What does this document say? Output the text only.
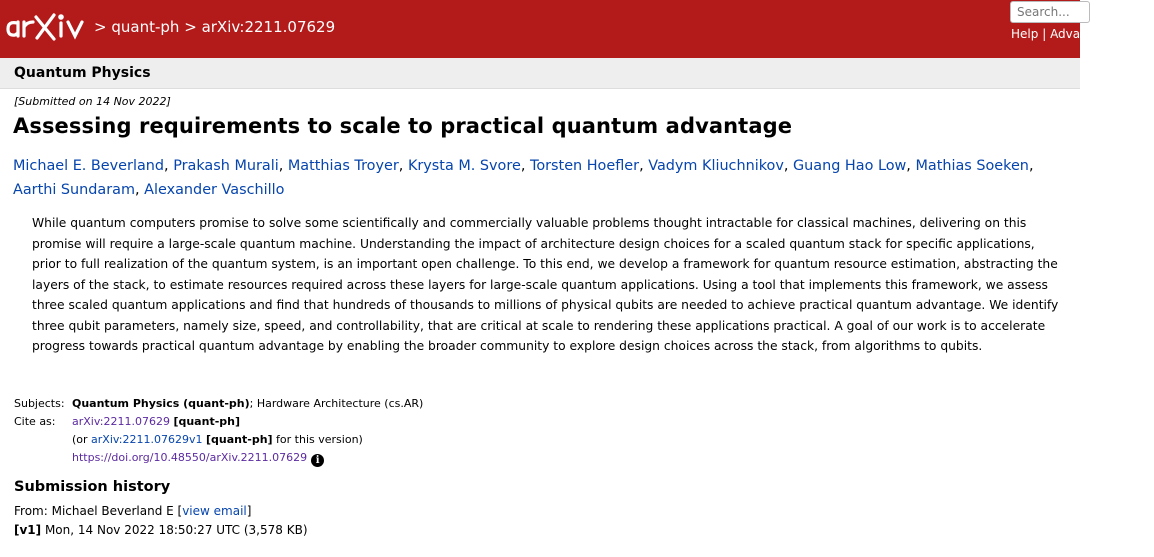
> quant-ph > arXiv:2211.07629
Search...	Help | Advanced Search
Quantum Physics
[Submitted on 14 Nov 2022]
Assessing requirements to scale to practical quantum advantage

Michael E. Beverland, Prakash Murali, Matthias Troyer, Krysta M. Svore, Torsten Hoefler, Vadym Kliuchnikov, Guang Hao Low, Mathias Soeken, Aarthi Sundaram, Alexander Vaschillo

While quantum computers promise to solve some scientifically and commercially valuable problems thought intractable for classical machines, delivering on this promise will require a large-scale quantum machine. Understanding the impact of architecture design choices for a scaled quantum stack for specific applications, prior to full realization of the quantum system, is an important open challenge. To this end, we develop a framework for quantum resource estimation, abstracting the layers of the stack, to estimate resources required across these layers for large-scale quantum applications. Using a tool that implements this framework, we assess three scaled quantum applications and find that hundreds of thousands to millions of physical qubits are needed to achieve practical quantum advantage. We identify three qubit parameters, namely size, speed, and controllability, that are critical at scale to rendering these applications practical. A goal of our work is to accelerate progress towards practical quantum advantage by enabling the broader community to explore design choices across the stack, from algorithms to qubits.

Subjects: Quantum Physics (quant-ph); Hardware Architecture (cs.AR)
Cite as: arXiv:2211.07629 [quant-ph]
(or arXiv:2211.07629v1 [quant-ph] for this version)
https://doi.org/10.48550/arXiv.2211.07629 i
Submission history
From: Michael Beverland E [view email]
[v1] Mon, 14 Nov 2022 18:50:27 UTC (3,578 KB)
